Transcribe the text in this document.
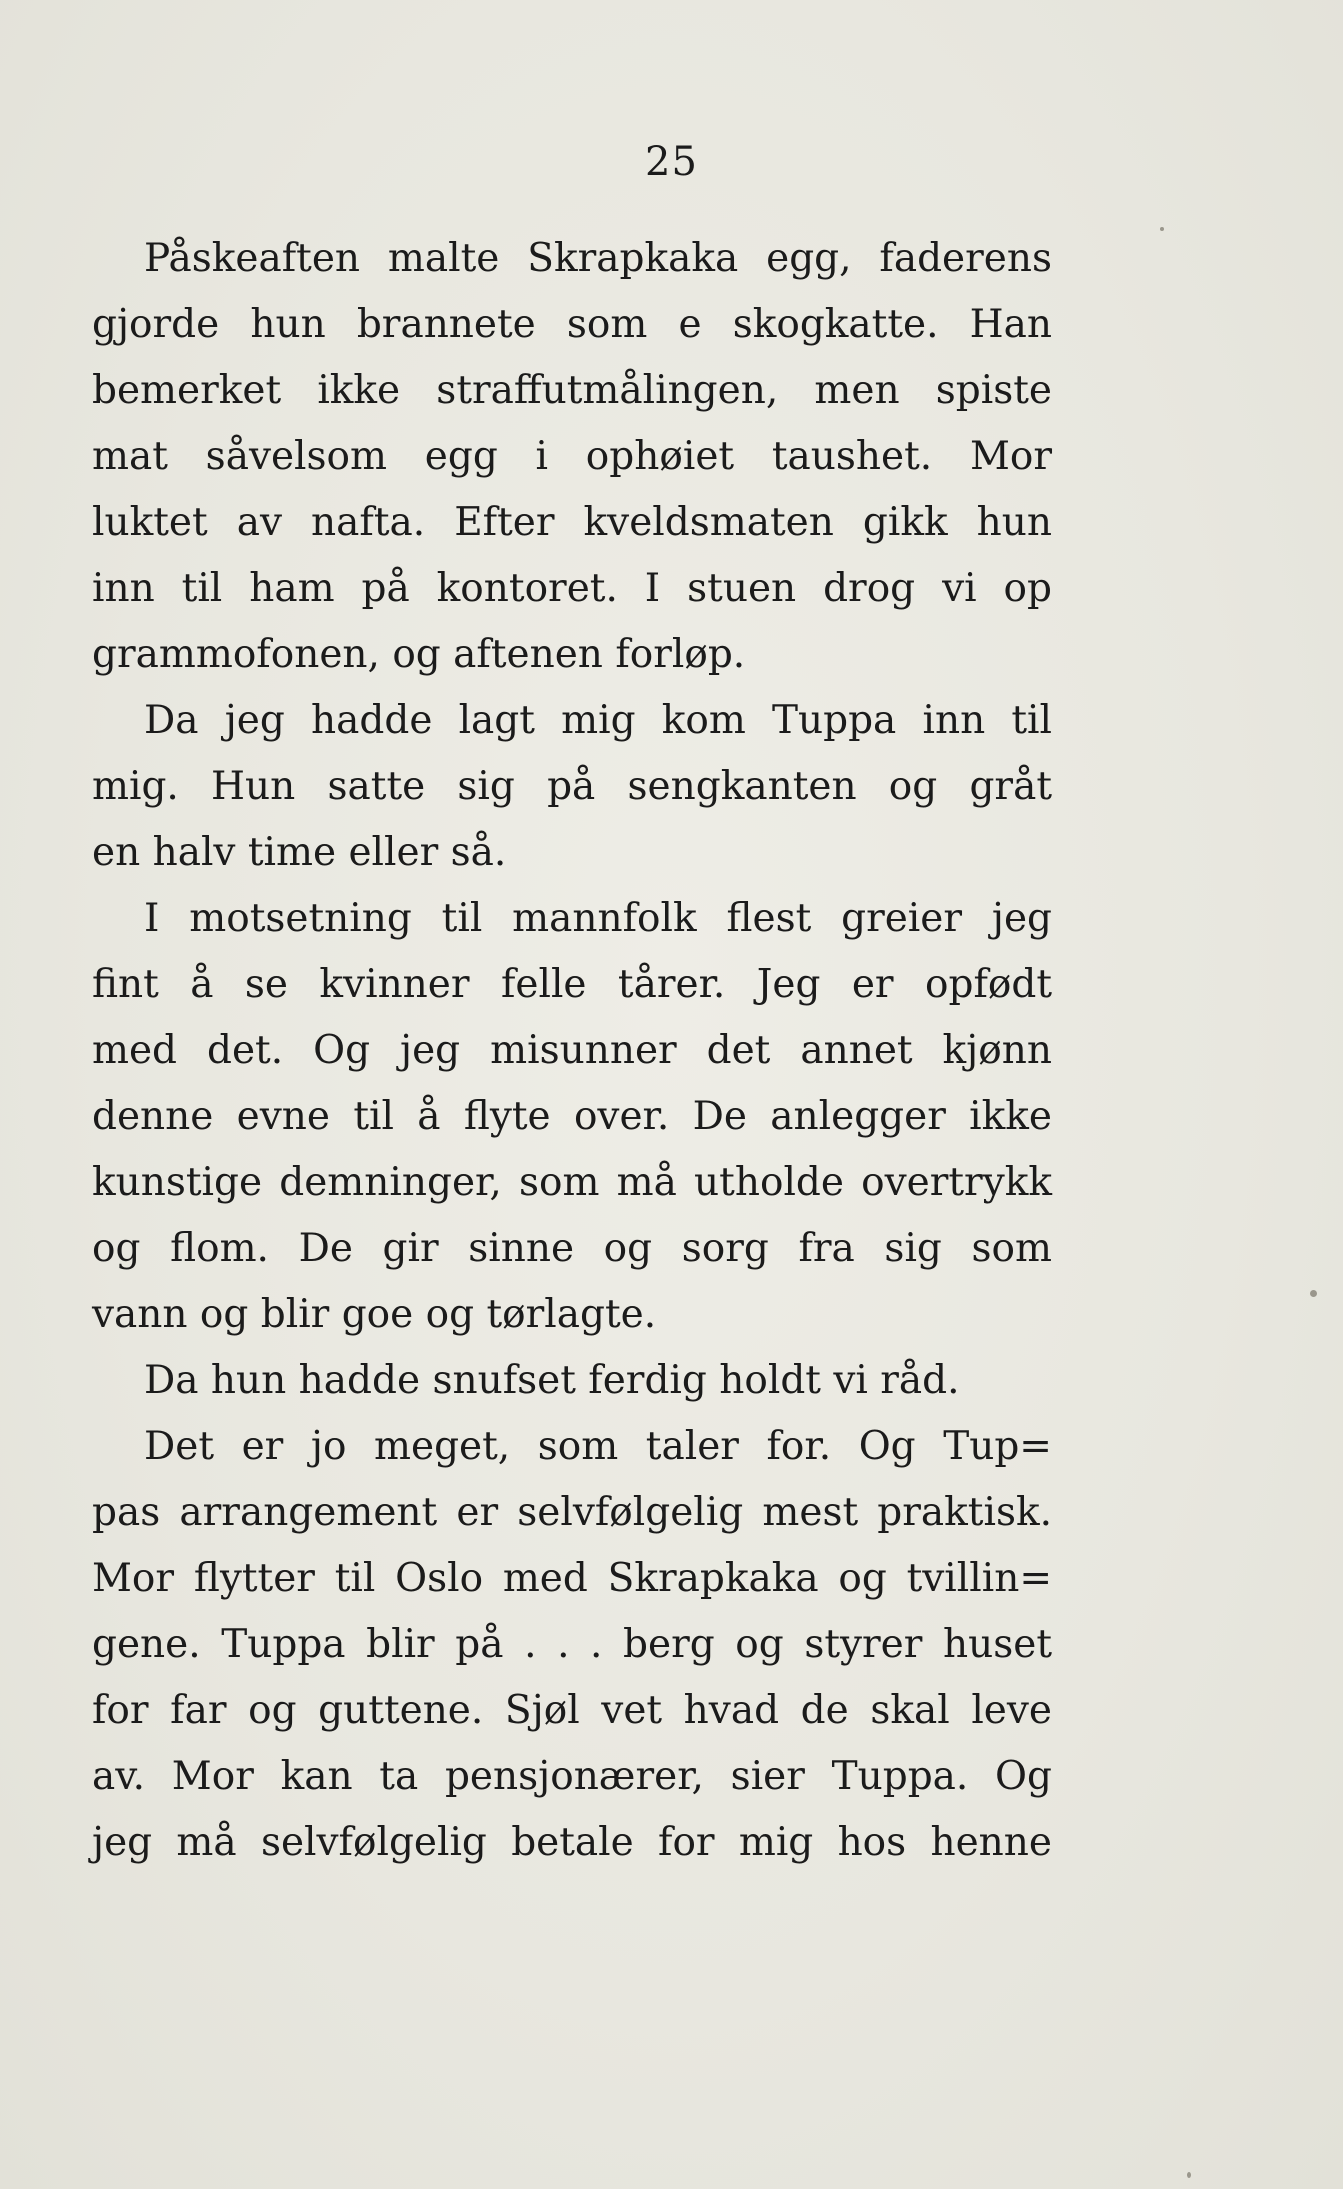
25
Påskeaften malte Skrapkaka egg, faderens
gjorde hun brannete som e skogkatte. Han
bemerket ikke straffutmålingen, men spiste
mat såvelsom egg i ophøiet taushet. Mor
luktet av nafta. Efter kveldsmaten gikk hun
inn til ham på kontoret. I stuen drog vi op
grammofonen, og aftenen forløp.
Da jeg hadde lagt mig kom Tuppa inn til
mig. Hun satte sig på sengkanten og gråt
en halv time eller så.
I motsetning til mannfolk flest greier jeg
fint å se kvinner felle tårer. Jeg er opfødt
med det. Og jeg misunner det annet kjønn
denne evne til å flyte over. De anlegger ikke
kunstige demninger, som må utholde overtrykk
og flom. De gir sinne og sorg fra sig som
vann og blir goe og tørlagte.
Da hun hadde snufset ferdig holdt vi råd.
Det er jo meget, som taler for. Og Tup=
pas arrangement er selvfølgelig mest praktisk.
Mor flytter til Oslo med Skrapkaka og tvillin=
gene. Tuppa blir på . . . berg og styrer huset
for far og guttene. Sjøl vet hvad de skal leve
av. Mor kan ta pensjonærer, sier Tuppa. Og
jeg må selvfølgelig betale for mig hos henne
